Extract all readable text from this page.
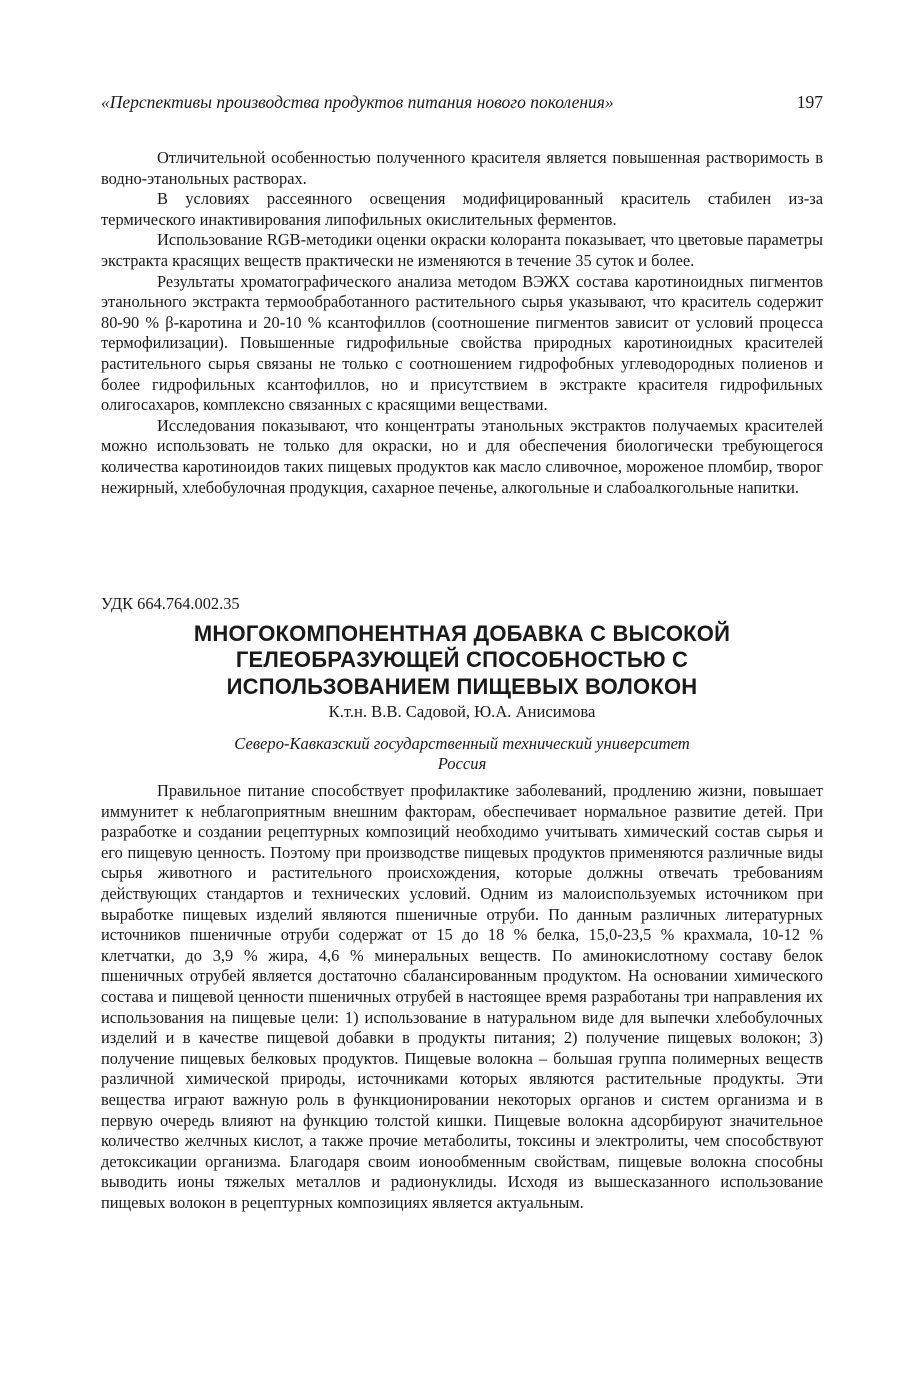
«Перспективы производства продуктов питания нового поколения»	197

Отличительной особенностью полученного красителя является повышенная растворимость в водно-этанольных растворах.

В условиях рассеянного освещения модифицированный краситель стабилен из-за термического инактивирования липофильных окислительных ферментов.

Использование RGB-методики оценки окраски колоранта показывает, что цветовые параметры экстракта красящих веществ практически не изменяются в течение 35 суток и более.

Результаты хроматографического анализа методом ВЭЖХ состава каротиноидных пигментов этанольного экстракта термообработанного растительного сырья указывают, что краситель содержит 80-90 % β-каротина и 20-10 % ксантофиллов (соотношение пигментов зависит от условий процесса термофилизации). Повышенные гидрофильные свойства природных каротиноидных красителей растительного сырья связаны не только с соотношением гидрофобных углеводородных полиенов и более гидрофильных ксантофиллов, но и присутствием в экстракте красителя гидрофильных олигосахаров, комплексно связанных с красящими веществами.

Исследования показывают, что концентраты этанольных экстрактов получаемых красителей можно использовать не только для окраски, но и для обеспечения биологически требующегося количества каротиноидов таких пищевых продуктов как масло сливочное, мороженое пломбир, творог нежирный, хлебобулочная продукция, сахарное печенье, алкогольные и слабоалкогольные напитки.

УДК 664.764.002.35
МНОГОКОМПОНЕНТНАЯ ДОБАВКА С ВЫСОКОЙ
ГЕЛЕОБРАЗУЮЩЕЙ СПОСОБНОСТЬЮ С
ИСПОЛЬЗОВАНИЕМ ПИЩЕВЫХ ВОЛОКОН
К.т.н. В.В. Садовой, Ю.А. Анисимова
Северо-Кавказский государственный технический университет
Россия

Правильное питание способствует профилактике заболеваний, продлению жизни, повышает иммунитет к неблагоприятным внешним факторам, обеспечивает нормальное развитие детей. При разработке и создании рецептурных композиций необходимо учитывать химический состав сырья и его пищевую ценность. Поэтому при производстве пищевых продуктов применяются различные виды сырья животного и растительного происхождения, которые должны отвечать требованиям действующих стандартов и технических условий. Одним из малоиспользуемых источником при выработке пищевых изделий являются пшеничные отруби. По данным различных литературных источников пшеничные отруби содержат от 15 до 18 % белка, 15,0-23,5 % крахмала, 10-12 % клетчатки, до 3,9 % жира, 4,6 % минеральных веществ. По аминокислотному составу белок пшеничных отрубей является достаточно сбалансированным продуктом. На основании химического состава и пищевой ценности пшеничных отрубей в настоящее время разработаны три направления их использования на пищевые цели: 1) использование в натуральном виде для выпечки хлебобулочных изделий и в качестве пищевой добавки в продукты питания; 2) получение пищевых волокон; 3) получение пищевых белковых продуктов. Пищевые волокна – большая группа полимерных веществ различной химической природы, источниками которых являются растительные продукты. Эти вещества играют важную роль в функционировании некоторых органов и систем организма и в первую очередь влияют на функцию толстой кишки. Пищевые волокна адсорбируют значительное количество желчных кислот, а также прочие метаболиты, токсины и электролиты, чем способствуют детоксикации организма. Благодаря своим ионообменным свойствам, пищевые волокна способны выводить ионы тяжелых металлов и радионуклиды. Исходя из вышесказанного использование пищевых волокон в рецептурных композициях является актуальным.
